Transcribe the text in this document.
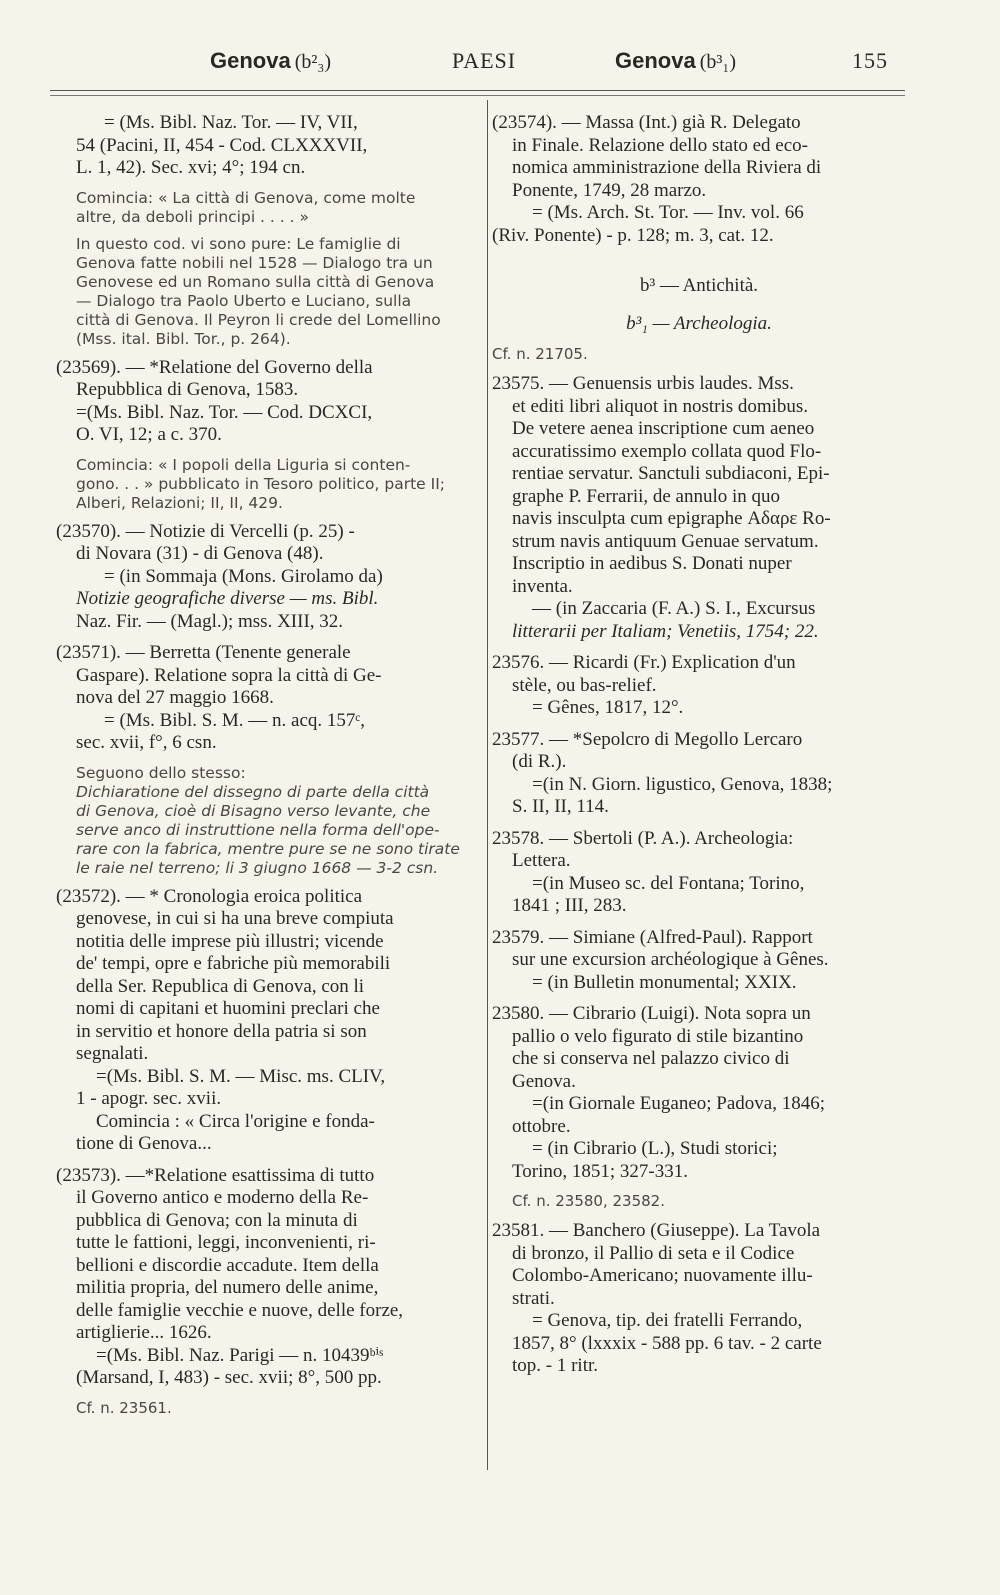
Genova (b²₃)	PAESI	Genova (b³₁)	155

= (Ms. Bibl. Naz. Tor. — IV, VII,

54 (Pacini, II, 454 - Cod. CLXXXVII,

L. 1, 42). Sec. xvi; 4°; 194 cn.

Comincia: « La città di Genova, come molte

altre, da deboli principi . . . . »

In questo cod. vi sono pure: Le famiglie di

Genova fatte nobili nel 1528 — Dialogo tra un

Genovese ed un Romano sulla città di Genova

— Dialogo tra Paolo Uberto e Luciano, sulla

città di Genova. Il Peyron li crede del Lomellino

(Mss. ital. Bibl. Tor., p. 264).

(23569). — *Relatione del Governo della

Repubblica di Genova, 1583.

=(Ms. Bibl. Naz. Tor. — Cod. DCXCI,

O. VI, 12; a c. 370.

Comincia: « I popoli della Liguria si conten-

gono. . . » pubblicato in Tesoro politico, parte II;

Alberi, Relazioni; II, II, 429.

(23570). — Notizie di Vercelli (p. 25) -

di Novara (31) - di Genova (48).

= (in Sommaja (Mons. Girolamo da)

Notizie geografiche diverse — ms. Bibl.

Naz. Fir. — (Magl.); mss. XIII, 32.

(23571). — Berretta (Tenente generale

Gaspare). Relatione sopra la città di Ge-

nova del 27 maggio 1668.

= (Ms. Bibl. S. M. — n. acq. 157ᶜ,

sec. xvii, f°, 6 csn.

Seguono dello stesso:

Dichiaratione del dissegno di parte della città

di Genova, cioè di Bisagno verso levante, che

serve anco di instruttione nella forma dell'ope-

rare con la fabrica, mentre pure se ne sono tirate

le raie nel terreno; li 3 giugno 1668 — 3-2 csn.

(23572). — * Cronologia eroica politica

genovese, in cui si ha una breve compiuta

notitia delle imprese più illustri; vicende

de' tempi, opre e fabriche più memorabili

della Ser. Republica di Genova, con li

nomi di capitani et huomini preclari che

in servitio et honore della patria si son

segnalati.

=(Ms. Bibl. S. M. — Misc. ms. CLIV,

1 - apogr. sec. xvii.

Comincia : « Circa l'origine e fonda-

tione di Genova...

(23573). —*Relatione esattissima di tutto

il Governo antico e moderno della Re-

pubblica di Genova; con la minuta di

tutte le fattioni, leggi, inconvenienti, ri-

bellioni e discordie accadute. Item della

militia propria, del numero delle anime,

delle famiglie vecchie e nuove, delle forze,

artiglierie... 1626.

=(Ms. Bibl. Naz. Parigi — n. 10439ᵇⁱˢ

(Marsand, I, 483) - sec. xvii; 8°, 500 pp.

Cf. n. 23561.

(23574). — Massa (Int.) già R. Delegato

in Finale. Relazione dello stato ed eco-

nomica amministrazione della Riviera di

Ponente, 1749, 28 marzo.

= (Ms. Arch. St. Tor. — Inv. vol. 66

(Riv. Ponente) - p. 128; m. 3, cat. 12.

b³ — Antichità.

b³₁ — Archeologia.

Cf. n. 21705.

23575. — Genuensis urbis laudes. Mss.

et editi libri aliquot in nostris domibus.

De vetere aenea inscriptione cum aeneo

accuratissimo exemplo collata quod Flo-

rentiae servatur. Sanctuli subdiaconi, Epi-

graphe P. Ferrarii, de annulo in quo

navis insculpta cum epigraphe Αδαρε Ro-

strum navis antiquum Genuae servatum.

Inscriptio in aedibus S. Donati nuper

inventa.

— (in Zaccaria (F. A.) S. I., Excursus

litterarii per Italiam; Venetiis, 1754; 22.

23576. — Ricardi (Fr.) Explication d'un

stèle, ou bas-relief.

= Gênes, 1817, 12°.

23577. — *Sepolcro di Megollo Lercaro

(di R.).

=(in N. Giorn. ligustico, Genova, 1838;

S. II, II, 114.

23578. — Sbertoli (P. A.). Archeologia:

Lettera.

=(in Museo sc. del Fontana; Torino,

1841 ; III, 283.

23579. — Simiane (Alfred-Paul). Rapport

sur une excursion archéologique à Gênes.

= (in Bulletin monumental; XXIX.

23580. — Cibrario (Luigi). Nota sopra un

pallio o velo figurato di stile bizantino

che si conserva nel palazzo civico di

Genova.

=(in Giornale Euganeo; Padova, 1846;

ottobre.

= (in Cibrario (L.), Studi storici;

Torino, 1851; 327-331.

Cf. n. 23580, 23582.

23581. — Banchero (Giuseppe). La Tavola

di bronzo, il Pallio di seta e il Codice

Colombo-Americano; nuovamente illu-

strati.

= Genova, tip. dei fratelli Ferrando,

1857, 8° (lxxxix - 588 pp. 6 tav. - 2 carte

top. - 1 ritr.
